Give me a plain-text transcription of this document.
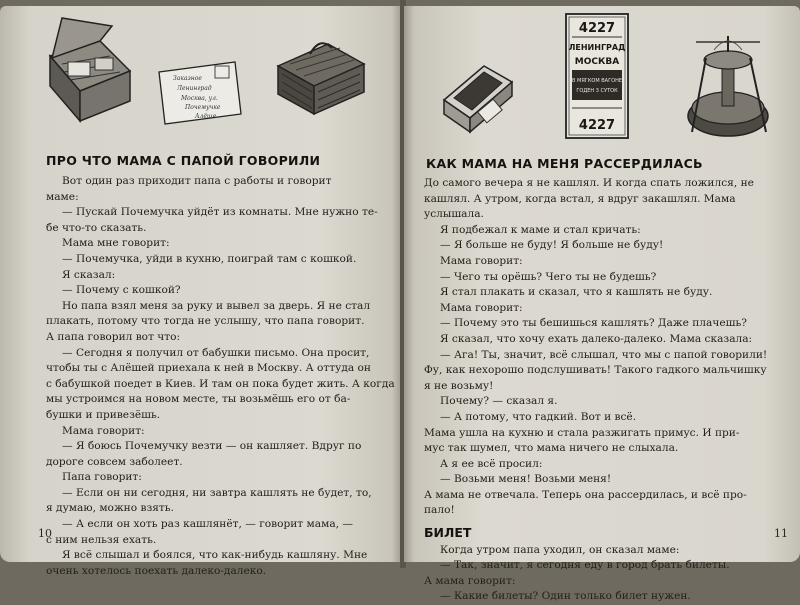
Заказное
Ленинград
Москва, ул.
Почемучке
Алёше
ПРО ЧТО МАМА С ПАПОЙ ГОВОРИЛИ
Вот один раз приходит папа с работы и говорит
маме:
— Пускай Почемучка уйдёт из комнаты. Мне нужно те-
бе что-то сказать.
Мама мне говорит:
— Почемучка, уйди в кухню, поиграй там с кошкой.
Я сказал:
— Почему с кошкой?
Но папа взял меня за руку и вывел за дверь. Я не стал
плакать, потому что тогда не услышу, что папа говорит.
А папа говорил вот что:
— Сегодня я получил от бабушки письмо. Она просит,
чтобы ты с Алёшей приехала к ней в Москву. А оттуда он
с бабушкой поедет в Киев. И там он пока будет жить. А когда
мы устроимся на новом месте, ты возьмёшь его от ба-
бушки и привезёшь.
Мама говорит:
— Я боюсь Почемучку везти — он кашляет. Вдруг по
дороге совсем заболеет.
Папа говорит:
— Если он ни сегодня, ни завтра кашлять не будет, то,
я думаю, можно взять.
— А если он хоть раз кашлянёт, — говорит мама, —
с ним нельзя ехать.
Я всё слышал и боялся, что как-нибудь кашляну. Мне
очень хотелось поехать далеко-далеко.
10
4227
ЛЕНИНГРАД
МОСКВА
В МЯГКОМ ВАГОНЕ
ГОДЕН 3 СУТОК
4227
КАК МАМА НА МЕНЯ РАССЕРДИЛАСЬ
До самого вечера я не кашлял. И когда спать ложился, не
кашлял. А утром, когда встал, я вдруг закашлял. Мама
услышала.
Я подбежал к маме и стал кричать:
— Я больше не буду! Я больше не буду!
Мама говорит:
— Чего ты орёшь? Чего ты не будешь?
Я стал плакать и сказал, что я кашлять не буду.
Мама говорит:
— Почему это ты бешишься кашлять? Даже плачешь?
Я сказал, что хочу ехать далеко-далеко. Мама сказала:
— Ага! Ты, значит, всё слышал, что мы с папой говорили!
Фу, как нехорошо подслушивать! Такого гадкого мальчишку
я не возьму!
Почему? — сказал я.
— А потому, что гадкий. Вот и всё.
Мама ушла на кухню и стала разжигать примус. И при-
мус так шумел, что мама ничего не слыхала.
А я ее всё просил:
— Возьми меня! Возьми меня!
А мама не отвечала. Теперь она рассердилась, и всё про-
пало!
БИЛЕТ
Когда утром папа уходил, он сказал маме:
— Так, значит, я сегодня еду в город брать билеты.
А мама говорит:
— Какие билеты? Один только билет нужен.
11
